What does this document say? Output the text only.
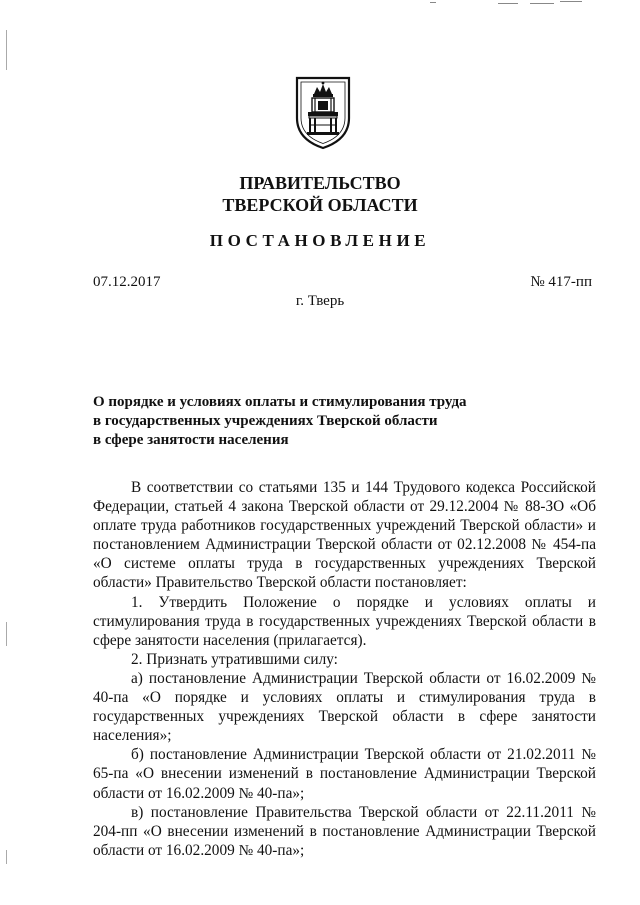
ПРАВИТЕЛЬСТВО
ТВЕРСКОЙ ОБЛАСТИ
ПОСТАНОВЛЕНИЕ
07.12.2017	№ 417-пп
г. Тверь
О порядке и условиях оплаты и стимулирования труда
в государственных учреждениях Тверской области
в сфере занятости населения

В соответствии со статьями 135 и 144 Трудового кодекса Российской Федерации, статьей 4 закона Тверской области от 29.12.2004 № 88-ЗО «Об оплате труда работников государственных учреждений Тверской области» и постановлением Администрации Тверской области от 02.12.2008 № 454-па «О системе оплаты труда в государственных учреждениях Тверской области» Правительство Тверской области постановляет:

1. Утвердить Положение о порядке и условиях оплаты и стимулирования труда в государственных учреждениях Тверской области в сфере занятости населения (прилагается).

2. Признать утратившими силу:

а) постановление Администрации Тверской области от 16.02.2009 № 40-па «О порядке и условиях оплаты и стимулирования труда в государственных учреждениях Тверской области в сфере занятости населения»;

б) постановление Администрации Тверской области от 21.02.2011 № 65-па «О внесении изменений в постановление Администрации Тверской области от 16.02.2009 № 40-па»;

в) постановление Правительства Тверской области от 22.11.2011 № 204-пп «О внесении изменений в постановление Администрации Тверской области от 16.02.2009 № 40-па»;
